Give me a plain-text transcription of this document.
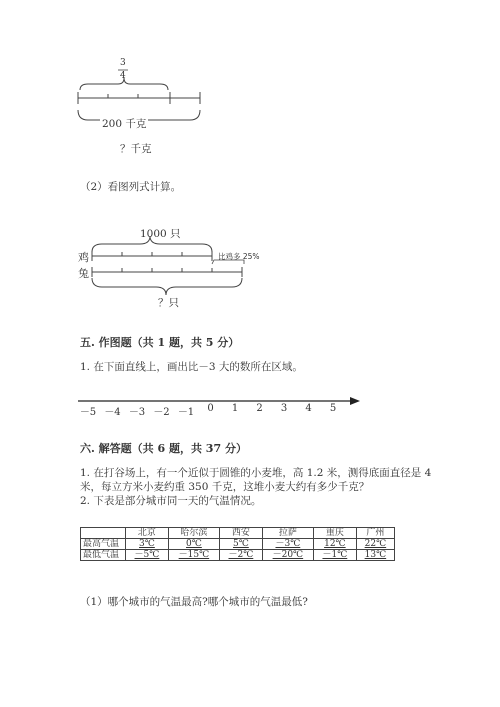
3
4
200 千克
？千克
（2）看图列式计算。
1000 只
鸡
兔
比鸡多 25%
？只
五. 作图题（共 1 题，共 5 分）
1. 在下面直线上，画出比－3 大的数所在区域。
－5 －4 －3 －2 －1 0 1 2 3 4 5
六. 解答题（共 6 题，共 37 分）
1. 在打谷场上，有一个近似于圆锥的小麦堆，高 1.2 米，测得底面直径是 4
米，每立方米小麦约重 350 千克，这堆小麦大约有多少千克？
2. 下表是部分城市同一天的气温情况。
	北京	哈尔滨	西安	拉萨	重庆	广州
最高气温	3℃	0℃	5℃	－3℃	12℃	22℃
最低气温	－5℃	－15℃	－2℃	－20℃	－1℃	13℃
（1）哪个城市的气温最高?哪个城市的气温最低?
